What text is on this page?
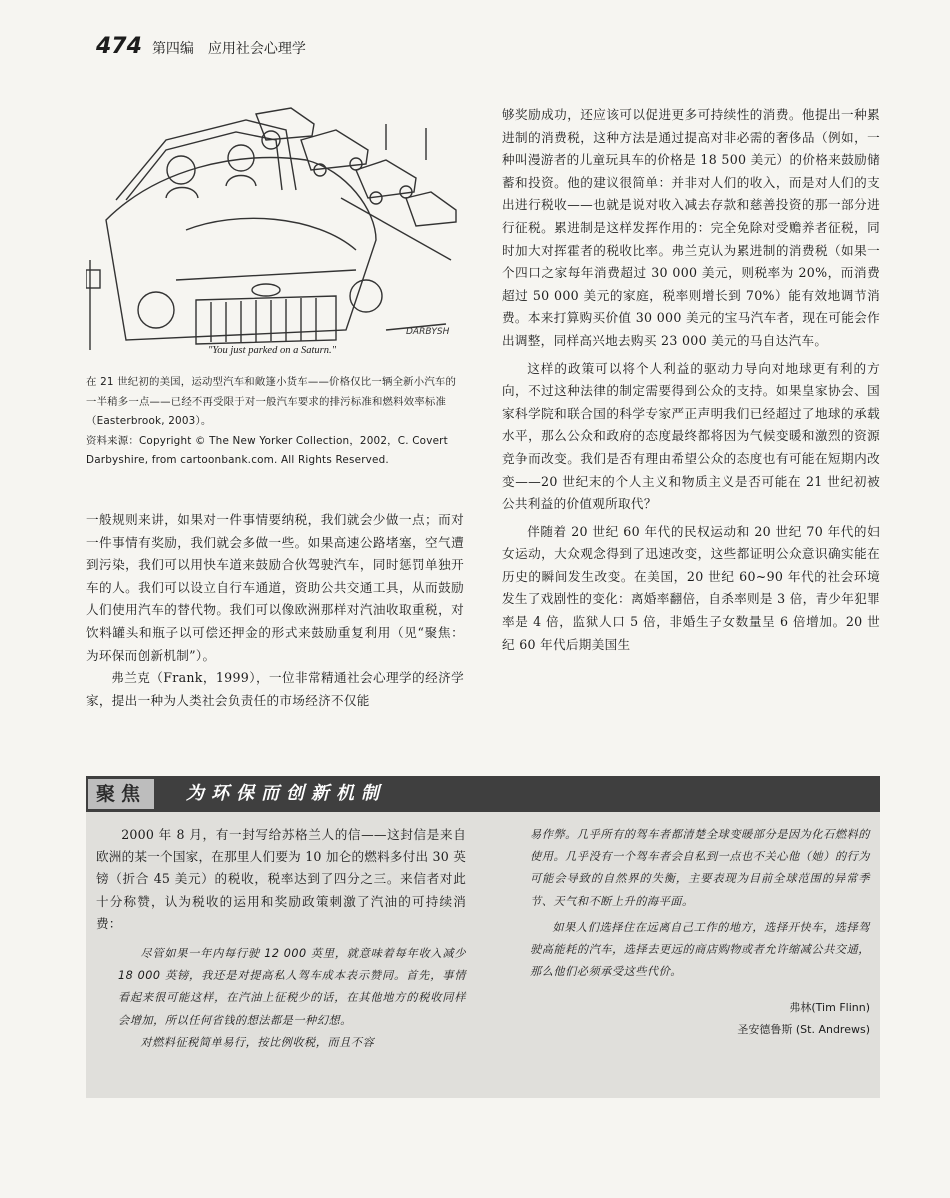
474 第四编　应用社会心理学
DARBYSH
"You just parked on a Saturn."

在 21 世纪初的美国，运动型汽车和敞篷小货车——价格仅比一辆全新小汽车的一半稍多一点——已经不再受限于对一般汽车要求的排污标准和燃料效率标准（Easterbrook, 2003）。

资料来源：Copyright © The New Yorker Collection，2002，C. Covert Darbyshire, from cartoonbank.com. All Rights Reserved.

一般规则来讲，如果对一件事情要纳税，我们就会少做一点；而对一件事情有奖励，我们就会多做一些。如果高速公路堵塞，空气遭到污染，我们可以用快车道来鼓励合伙驾驶汽车，同时惩罚单独开车的人。我们可以设立自行车通道，资助公共交通工具，从而鼓励人们使用汽车的替代物。我们可以像欧洲那样对汽油收取重税，对饮料罐头和瓶子以可偿还押金的形式来鼓励重复利用（见“聚焦：为环保而创新机制”）。

弗兰克（Frank，1999），一位非常精通社会心理学的经济学家，提出一种为人类社会负责任的市场经济不仅能

够奖励成功，还应该可以促进更多可持续性的消费。他提出一种累进制的消费税，这种方法是通过提高对非必需的奢侈品（例如，一种叫漫游者的儿童玩具车的价格是 18 500 美元）的价格来鼓励储蓄和投资。他的建议很简单：并非对人们的收入，而是对人们的支出进行税收——也就是说对收入减去存款和慈善投资的那一部分进行征税。累进制是这样发挥作用的：完全免除对受赡养者征税，同时加大对挥霍者的税收比率。弗兰克认为累进制的消费税（如果一个四口之家每年消费超过 30 000 美元，则税率为 20%，而消费超过 50 000 美元的家庭，税率则增长到 70%）能有效地调节消费。本来打算购买价值 30 000 美元的宝马汽车者，现在可能会作出调整，同样高兴地去购买 23 000 美元的马自达汽车。

这样的政策可以将个人利益的驱动力导向对地球更有利的方向，不过这种法律的制定需要得到公众的支持。如果皇家协会、国家科学院和联合国的科学专家严正声明我们已经超过了地球的承载水平，那么公众和政府的态度最终都将因为气候变暖和激烈的资源竞争而改变。我们是否有理由希望公众的态度也有可能在短期内改变——20 世纪末的个人主义和物质主义是否可能在 21 世纪初被公共利益的价值观所取代？

伴随着 20 世纪 60 年代的民权运动和 20 世纪 70 年代的妇女运动，大众观念得到了迅速改变，这些都证明公众意识确实能在历史的瞬间发生改变。在美国，20 世纪 60~90 年代的社会环境发生了戏剧性的变化：离婚率翻倍，自杀率则是 3 倍，青少年犯罪率是 4 倍，监狱人口 5 倍，非婚生子女数量呈 6 倍增加。20 世纪 60 年代后期美国生

聚焦	为环保而创新机制

2000 年 8 月，有一封写给苏格兰人的信——这封信是来自欧洲的某一个国家，在那里人们要为 10 加仑的燃料多付出 30 英镑（折合 45 美元）的税收，税率达到了四分之三。来信者对此十分称赞，认为税收的运用和奖励政策刺激了汽油的可持续消费：

尽管如果一年内每行驶 12 000 英里，就意味着每年收入减少 18 000 英镑，我还是对提高私人驾车成本表示赞同。首先，事情看起来很可能这样，在汽油上征税少的话，在其他地方的税收同样会增加，所以任何省钱的想法都是一种幻想。

对燃料征税简单易行，按比例收税，而且不容

易作弊。几乎所有的驾车者都清楚全球变暖部分是因为化石燃料的使用。几乎没有一个驾车者会自私到一点也不关心他（她）的行为可能会导致的自然界的失衡，主要表现为目前全球范围的异常季节、天气和不断上升的海平面。

如果人们选择住在远离自己工作的地方，选择开快车，选择驾驶高能耗的汽车，选择去更远的商店购物或者允许缩减公共交通，那么他们必须承受这些代价。

弗林(Tim Flinn)
圣安德鲁斯 (St. Andrews)
